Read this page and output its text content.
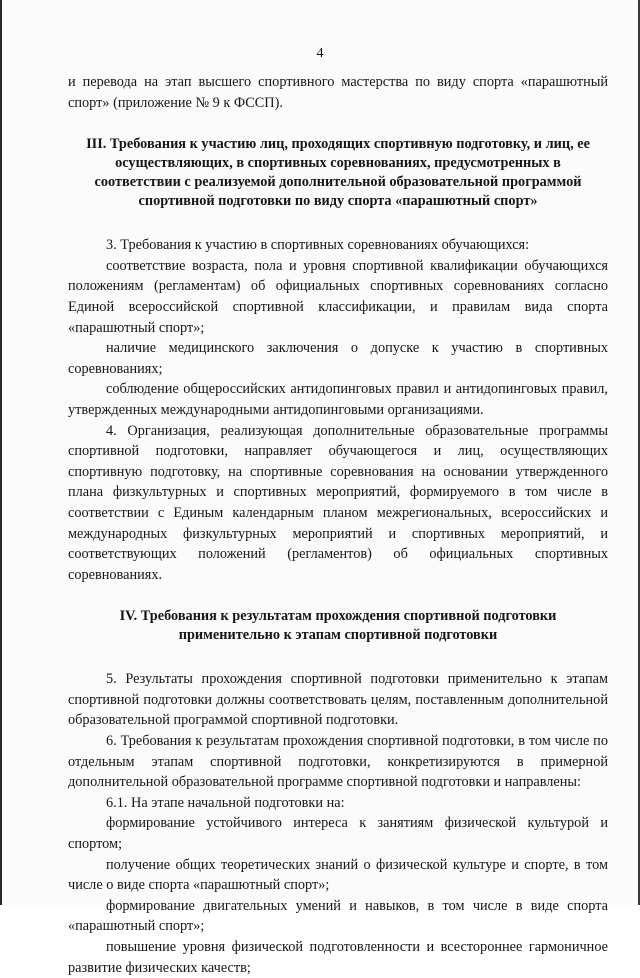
4

и перевода на этап высшего спортивного мастерства по виду спорта «парашютный спорт» (приложение № 9 к ФССП).

III. Требования к участию лиц, проходящих спортивную подготовку, и лиц, ее осуществляющих, в спортивных соревнованиях, предусмотренных в соответствии с реализуемой дополнительной образовательной программой спортивной подготовки по виду спорта «парашютный спорт»

3. Требования к участию в спортивных соревнованиях обучающихся:

соответствие возраста, пола и уровня спортивной квалификации обучающихся положениям (регламентам) об официальных спортивных соревнованиях согласно Единой всероссийской спортивной классификации, и правилам вида спорта «парашютный спорт»;

наличие медицинского заключения о допуске к участию в спортивных соревнованиях;

соблюдение общероссийских антидопинговых правил и антидопинговых правил, утвержденных международными антидопинговыми организациями.

4. Организация, реализующая дополнительные образовательные программы спортивной подготовки, направляет обучающегося и лиц, осуществляющих спортивную подготовку, на спортивные соревнования на основании утвержденного плана физкультурных и спортивных мероприятий, формируемого в том числе в соответствии с Единым календарным планом межрегиональных, всероссийских и международных физкультурных мероприятий и спортивных мероприятий, и соответствующих положений (регламентов) об официальных спортивных соревнованиях.

IV. Требования к результатам прохождения спортивной подготовки применительно к этапам спортивной подготовки

5. Результаты прохождения спортивной подготовки применительно к этапам спортивной подготовки должны соответствовать целям, поставленным дополнительной образовательной программой спортивной подготовки.

6. Требования к результатам прохождения спортивной подготовки, в том числе по отдельным этапам спортивной подготовки, конкретизируются в примерной дополнительной образовательной программе спортивной подготовки и направлены:

6.1. На этапе начальной подготовки на:

формирование устойчивого интереса к занятиям физической культурой и спортом;

получение общих теоретических знаний о физической культуре и спорте, в том числе о виде спорта «парашютный спорт»;

формирование двигательных умений и навыков, в том числе в виде спорта «парашютный спорт»;

повышение уровня физической подготовленности и всестороннее гармоничное развитие физических качеств;
